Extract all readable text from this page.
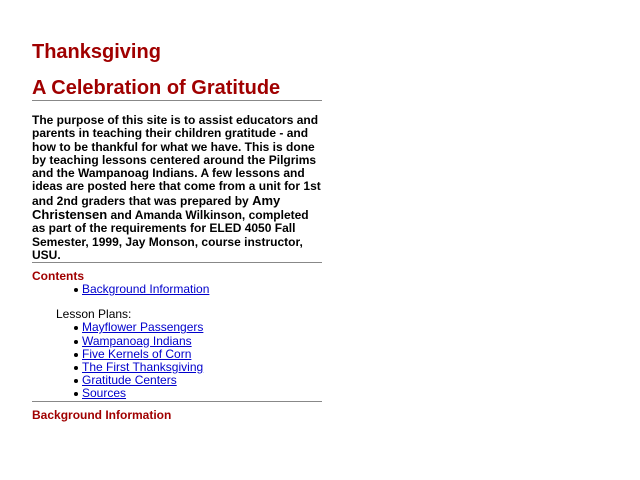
Thanksgiving
A Celebration of Gratitude

The purpose of this site is to assist educators and parents in teaching their children gratitude - and how to be thankful for what we have. This is done by teaching lessons centered around the Pilgrims and the Wampanoag Indians. A few lessons and ideas are posted here that come from a unit for 1st and 2nd graders that was prepared by Amy Christensen and Amanda Wilkinson, completed as part of the requirements for ELED 4050 Fall Semester, 1999, Jay Monson, course instructor, USU.

Contents
Background Information
Lesson Plans:
Mayflower Passengers
Wampanoag Indians
Five Kernels of Corn
The First Thanksgiving
Gratitude Centers
Sources
Background Information
